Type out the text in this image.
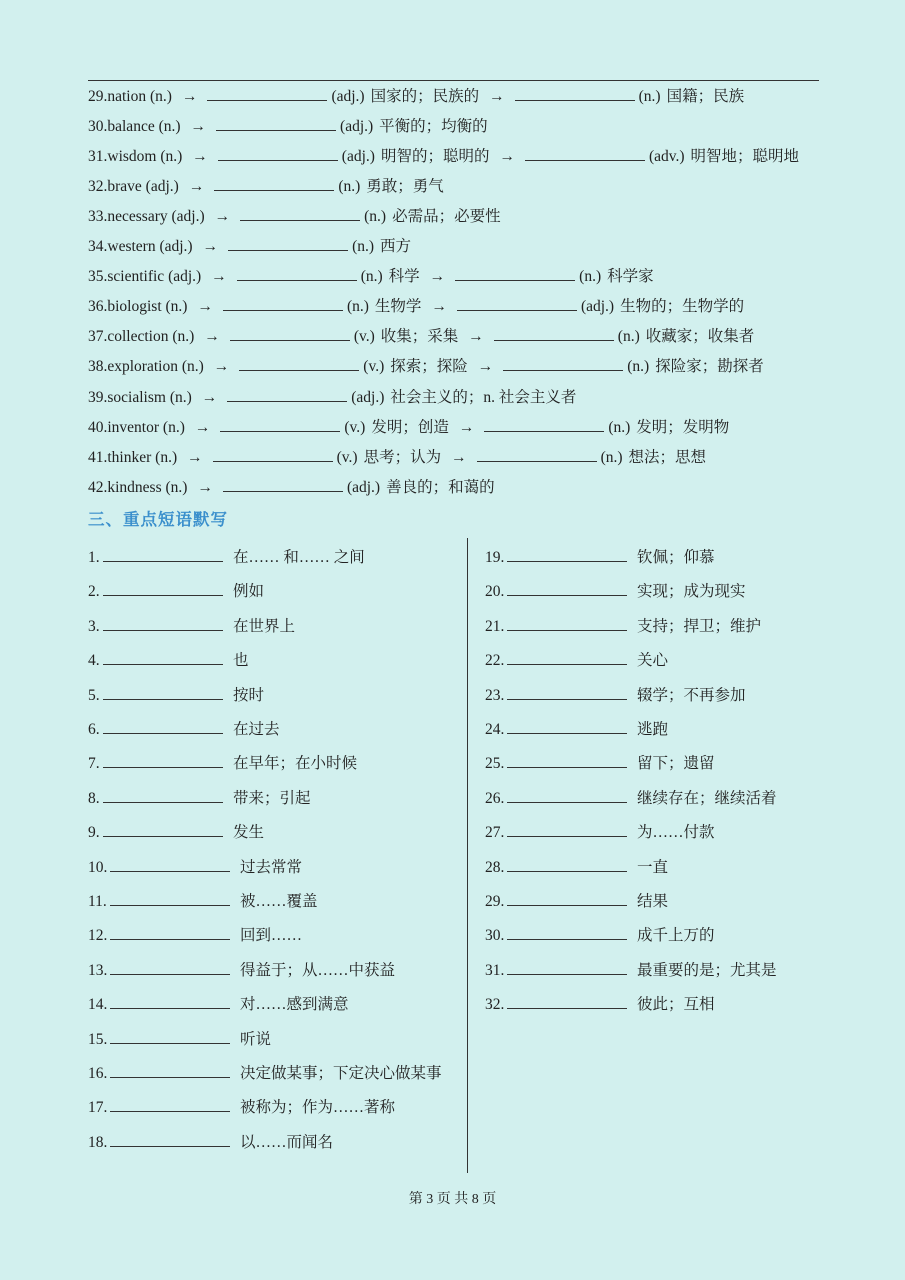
29.nation (n.) →	(adj.) 国家的；民族的 →	(n.) 国籍；民族
30.balance (n.) →	(adj.) 平衡的；均衡的
31.wisdom (n.) →	(adj.) 明智的；聪明的 →	(adv.) 明智地；聪明地
32.brave (adj.) →	(n.) 勇敢；勇气
33.necessary (adj.) →	(n.) 必需品；必要性
34.western (adj.) →	(n.) 西方
35.scientific (adj.) →	(n.) 科学 →	(n.) 科学家
36.biologist (n.) →	(n.) 生物学 →	(adj.) 生物的；生物学的
37.collection (n.) →	(v.) 收集；采集 →	(n.) 收藏家；收集者
38.exploration (n.) →	(v.) 探索；探险 →	(n.) 探险家；勘探者
39.socialism (n.) →	(adj.) 社会主义的；n. 社会主义者
40.inventor (n.) →	(v.) 发明；创造 →	(n.) 发明；发明物
41.thinker (n.) →	(v.) 思考；认为 →	(n.) 想法；思想
42.kindness (n.) →	(adj.) 善良的；和蔼的
三、重点短语默写
1.	在…… 和…… 之间
2.	例如
3.	在世界上
4.	也
5.	按时
6.	在过去
7.	在早年；在小时候
8.	带来；引起
9.	发生
10.	过去常常
11.	被……覆盖
12.	回到……
13.	得益于；从……中获益
14.	对……感到满意
15.	听说
16.	决定做某事；下定决心做某事
17.	被称为；作为……著称
18.	以……而闻名
19.	钦佩；仰慕
20.	实现；成为现实
21.	支持；捍卫；维护
22.	关心
23.	辍学；不再参加
24.	逃跑
25.	留下；遗留
26.	继续存在；继续活着
27.	为……付款
28.	一直
29.	结果
30.	成千上万的
31.	最重要的是；尤其是
32.	彼此；互相
第 3 页 共 8 页
